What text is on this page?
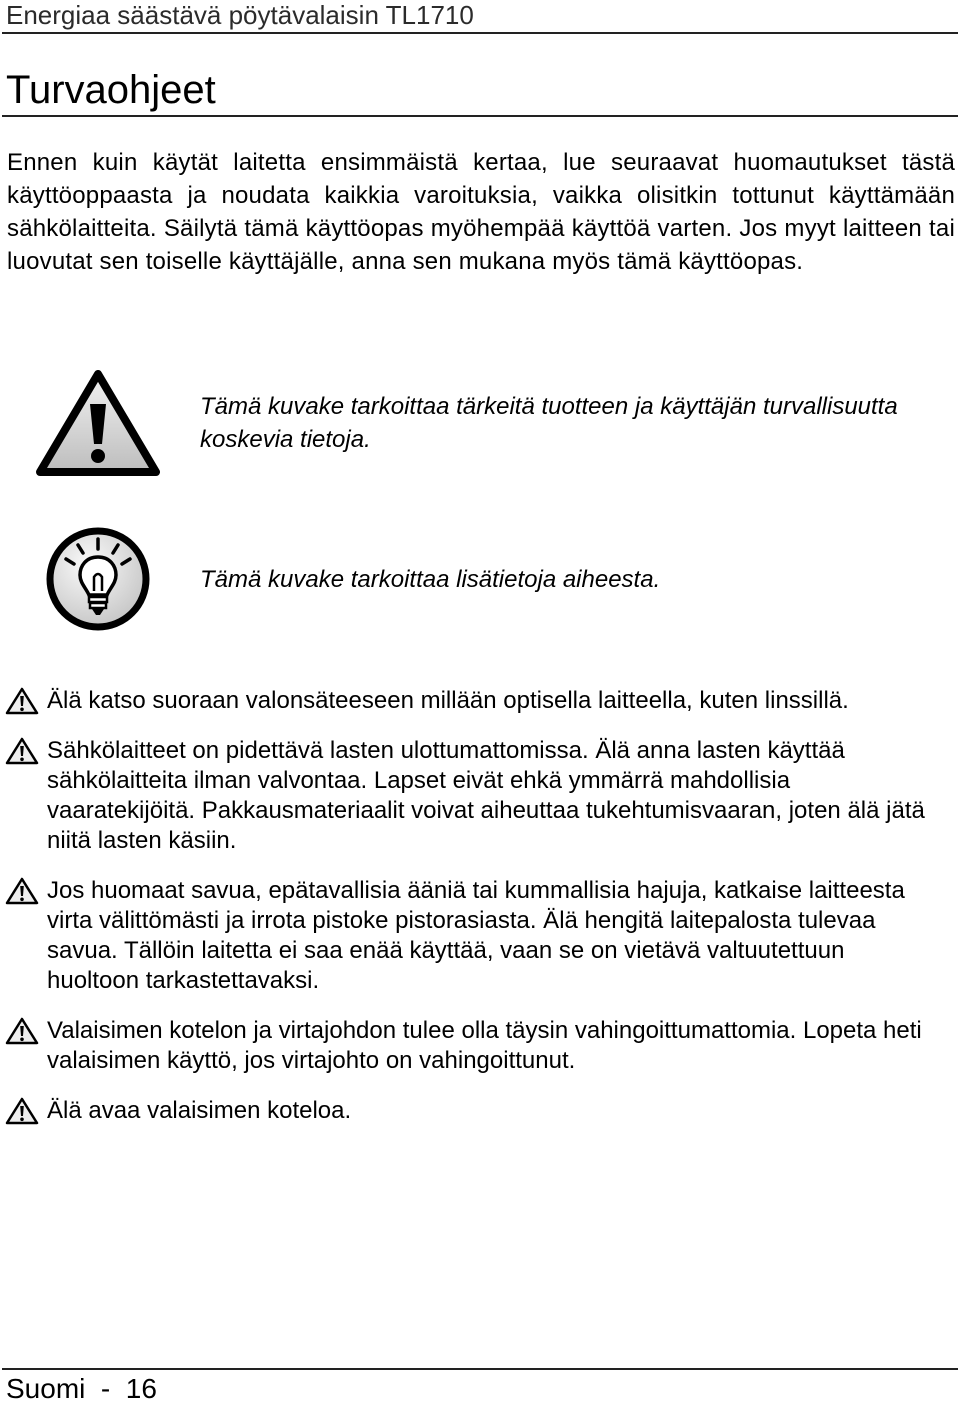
Energiaa säästävä pöytävalaisin TL1710
Turvaohjeet

Ennen kuin käytät laitetta ensimmäistä kertaa, lue seuraavat huomautukset tästä käyttöoppaasta ja noudata kaikkia varoituksia, vaikka olisitkin tottunut käyttämään sähkölaitteita. Säilytä tämä käyttöopas myöhempää käyttöä varten. Jos myyt laitteen tai luovutat sen toiselle käyttäjälle, anna sen mukana myös tämä käyttöopas.

Tämä kuvake tarkoittaa tärkeitä tuotteen ja käyttäjän turvallisuutta koskevia tietoja.
Tämä kuvake tarkoittaa lisätietoja aiheesta.
Älä katso suoraan valonsäteeseen millään optisella laitteella, kuten linssillä.
Sähkölaitteet on pidettävä lasten ulottumattomissa. Älä anna lasten käyttää sähkölaitteita ilman valvontaa. Lapset eivät ehkä ymmärrä mahdollisia vaaratekijöitä. Pakkausmateriaalit voivat aiheuttaa tukehtumisvaaran, joten älä jätä niitä lasten käsiin.
Jos huomaat savua, epätavallisia ääniä tai kummallisia hajuja, katkaise laitteesta virta välittömästi ja irrota pistoke pistorasiasta. Älä hengitä laitepalosta tulevaa savua. Tällöin laitetta ei saa enää käyttää, vaan se on vietävä valtuutettuun huoltoon tarkastettavaksi.
Valaisimen kotelon ja virtajohdon tulee olla täysin vahingoittumattomia. Lopeta heti valaisimen käyttö, jos virtajohto on vahingoittunut.
Älä avaa valaisimen koteloa.
Suomi  -  16
